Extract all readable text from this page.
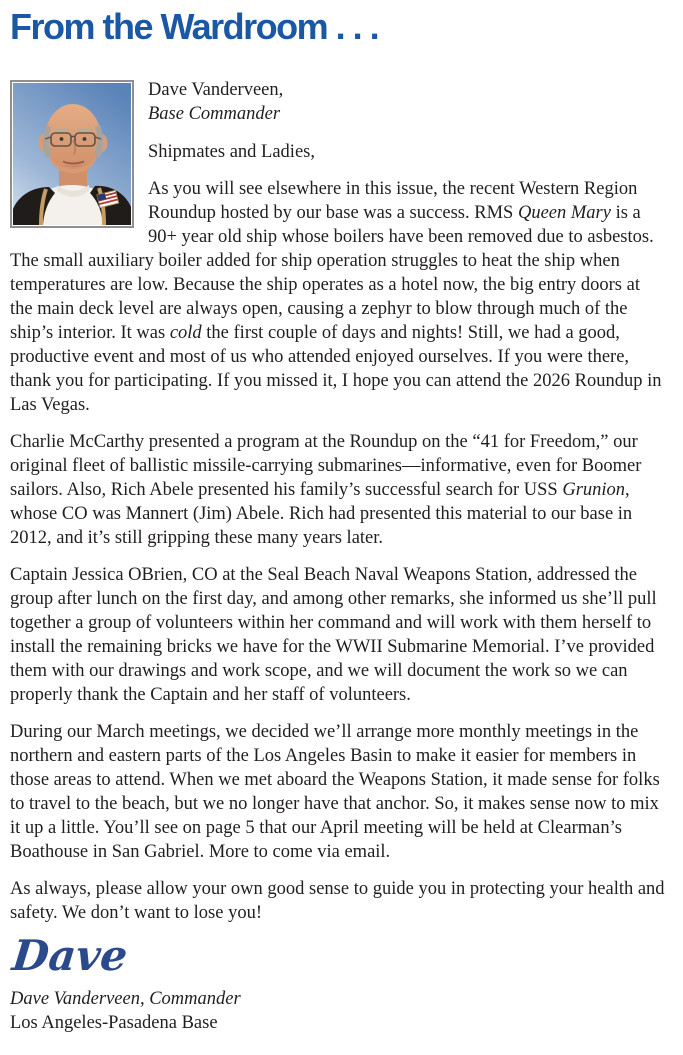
From the Wardroom . . .

Dave Vanderveen,
Base Commander

Shipmates and Ladies,

As you will see elsewhere in this issue, the recent Western Region Roundup hosted by our base was a success. RMS Queen Mary is a 90+ year old ship whose boilers have been removed due to asbestos. The small auxiliary boiler added for ship operation struggles to heat the ship when temperatures are low. Because the ship operates as a hotel now, the big entry doors at the main deck level are always open, causing a zephyr to blow through much of the ship’s interior. It was cold the first couple of days and nights! Still, we had a good, productive event and most of us who attended enjoyed ourselves. If you were there, thank you for participating. If you missed it, I hope you can attend the 2026 Roundup in Las Vegas.

Charlie McCarthy presented a program at the Roundup on the “41 for Freedom,” our original fleet of ballistic missile-carrying submarines—informative, even for Boomer sailors. Also, Rich Abele presented his family’s successful search for USS Grunion, whose CO was Mannert (Jim) Abele. Rich had presented this material to our base in 2012, and it’s still gripping these many years later.

Captain Jessica OBrien, CO at the Seal Beach Naval Weapons Station, addressed the group after lunch on the first day, and among other remarks, she informed us she’ll pull together a group of volunteers within her command and will work with them herself to install the remaining bricks we have for the WWII Submarine Memorial. I’ve provided them with our drawings and work scope, and we will document the work so we can properly thank the Captain and her staff of volunteers.

During our March meetings, we decided we’ll arrange more monthly meetings in the northern and eastern parts of the Los Angeles Basin to make it easier for members in those areas to attend. When we met aboard the Weapons Station, it made sense for folks to travel to the beach, but we no longer have that anchor. So, it makes sense now to mix it up a little. You’ll see on page 5 that our April meeting will be held at Clearman’s Boathouse in San Gabriel. More to come via email.

As always, please allow your own good sense to guide you in protecting your health and safety. We don’t want to lose you!

Dave

Dave Vanderveen, Commander
Los Angeles-Pasadena Base
